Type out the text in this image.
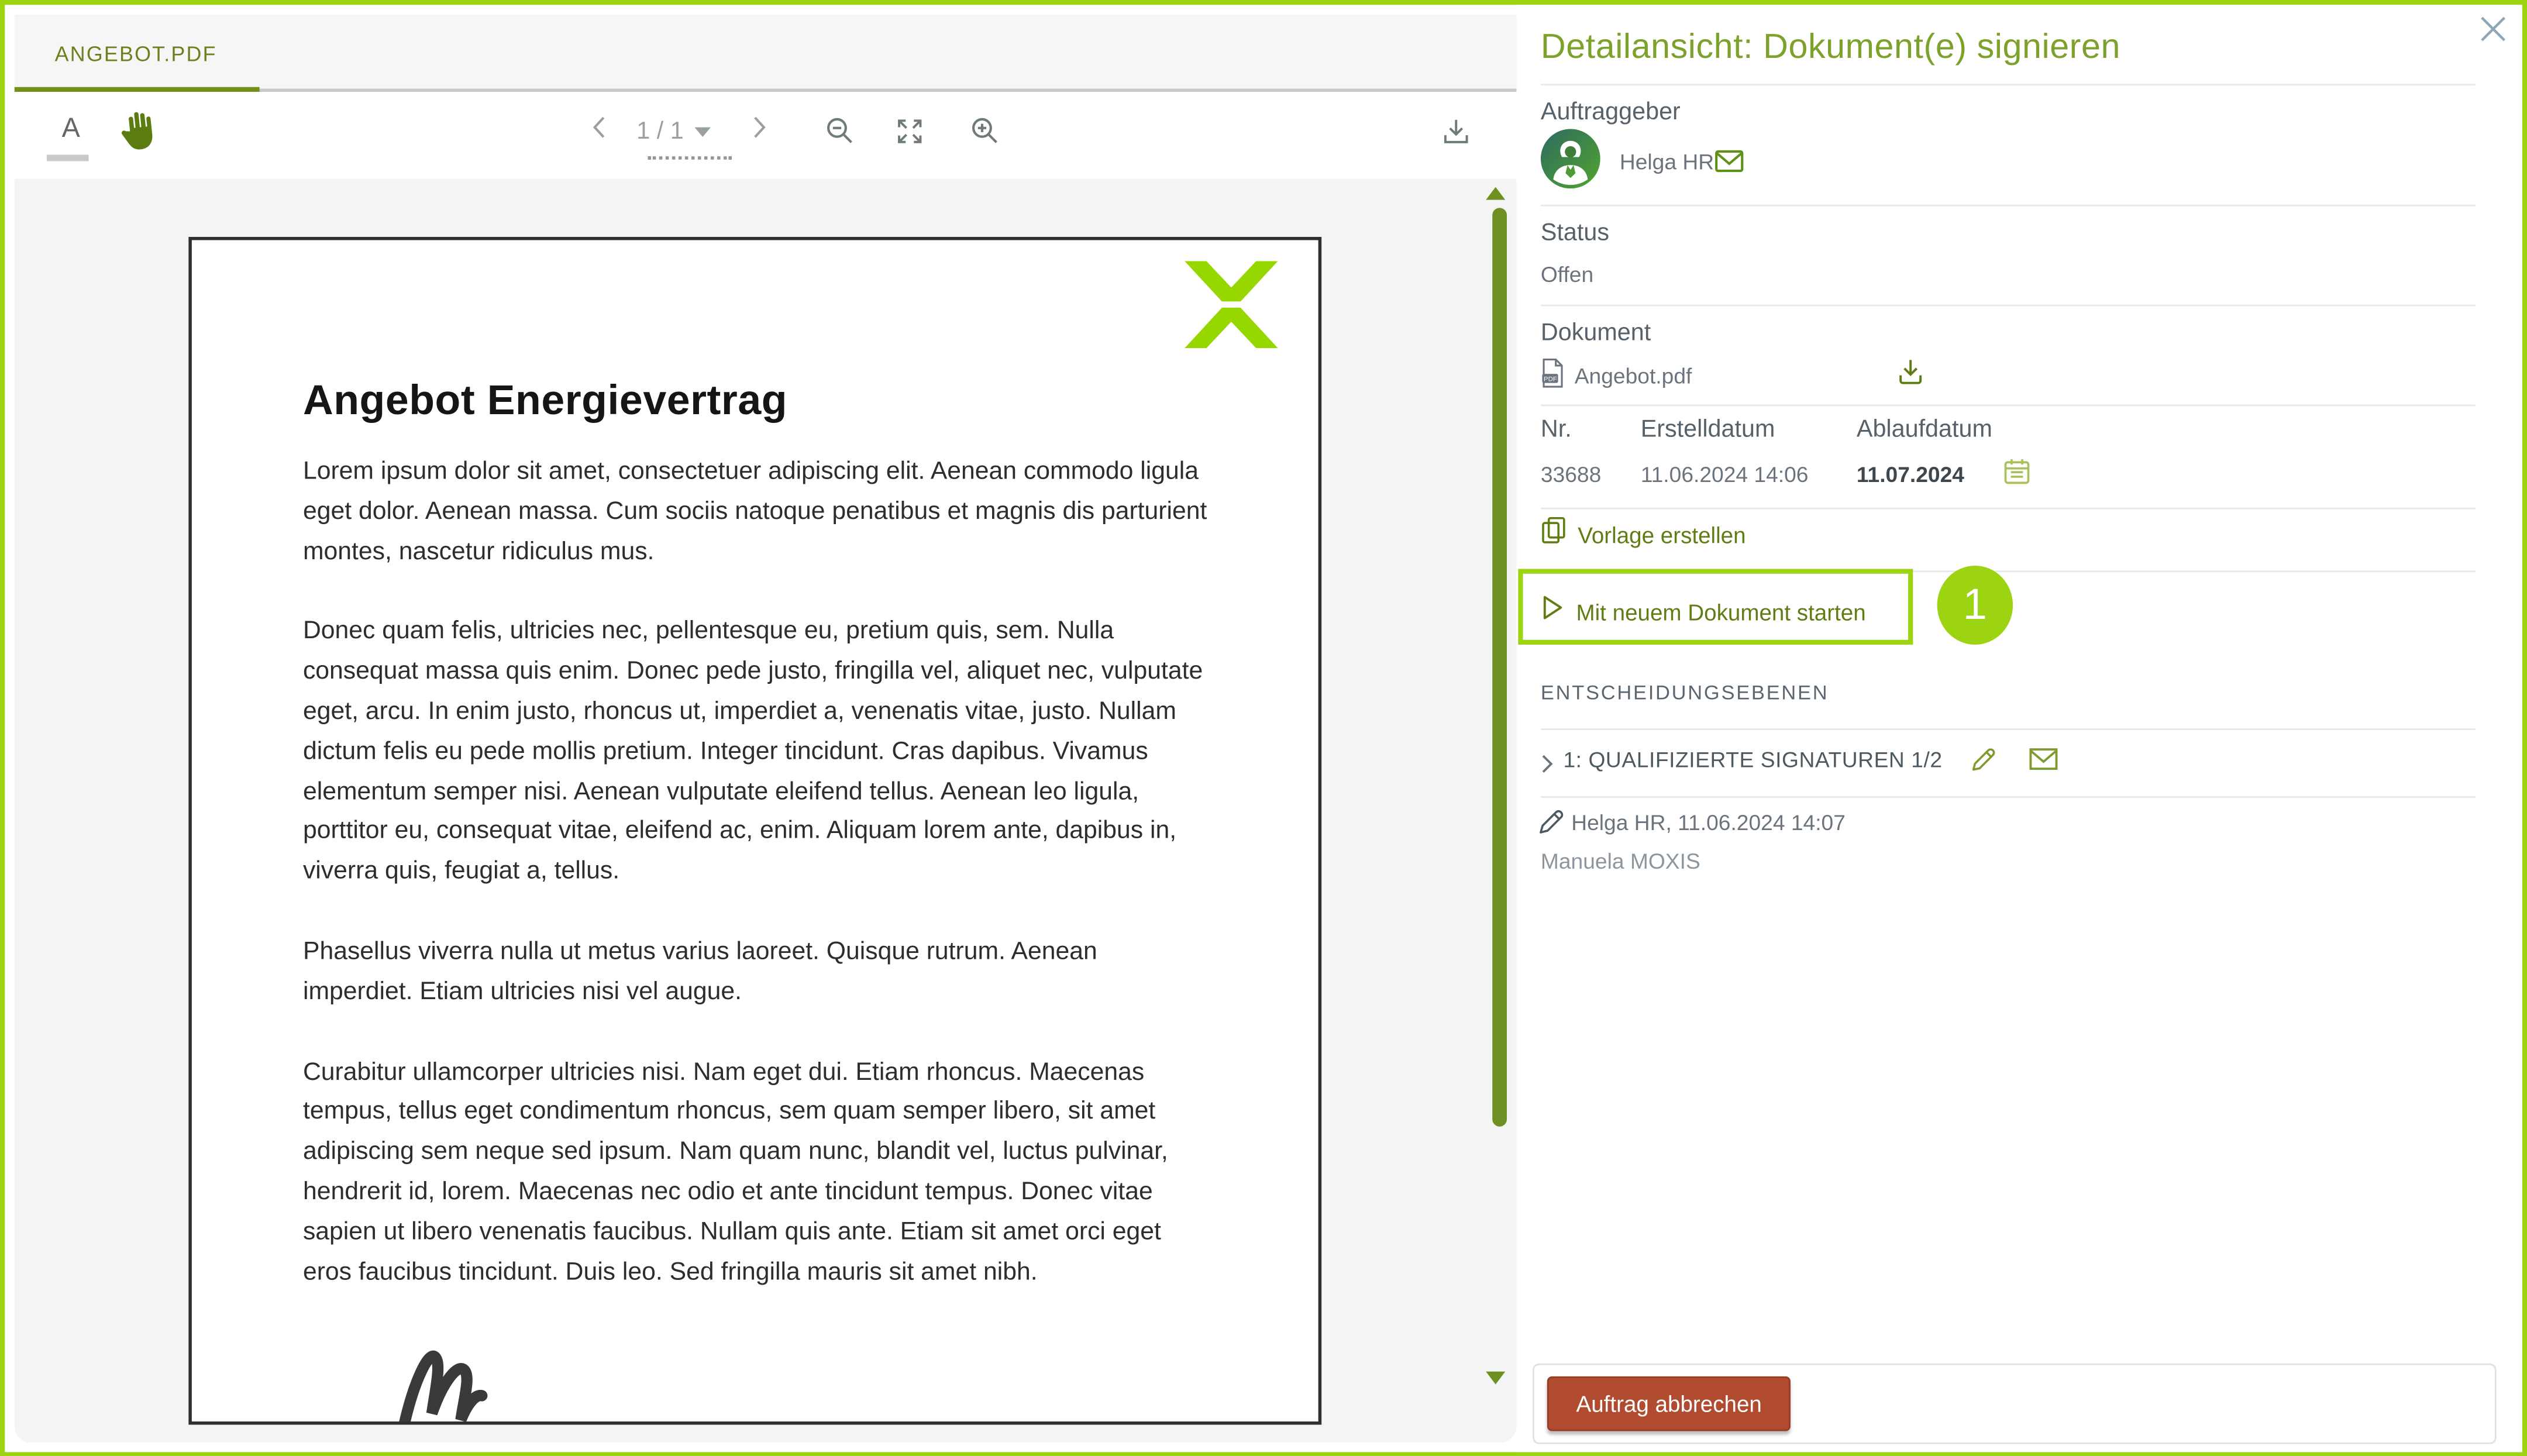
ANGEBOT.PDF
A	1 / 1
Angebot Energievertrag

Lorem ipsum dolor sit amet, consectetuer adipiscing elit. Aenean commodo ligula eget dolor. Aenean massa. Cum sociis natoque penatibus et magnis dis parturient montes, nascetur ridiculus mus.

Donec quam felis, ultricies nec, pellentesque eu, pretium quis, sem. Nulla consequat massa quis enim. Donec pede justo, fringilla vel, aliquet nec, vulputate eget, arcu. In enim justo, rhoncus ut, imperdiet a, venenatis vitae, justo. Nullam dictum felis eu pede mollis pretium. Integer tincidunt. Cras dapibus. Vivamus elementum semper nisi. Aenean vulputate eleifend tellus. Aenean leo ligula, porttitor eu, consequat vitae, eleifend ac, enim. Aliquam lorem ante, dapibus in, viverra quis, feugiat a, tellus.

Phasellus viverra nulla ut metus varius laoreet. Quisque rutrum. Aenean imperdiet. Etiam ultricies nisi vel augue.

Curabitur ullamcorper ultricies nisi. Nam eget dui. Etiam rhoncus. Maecenas tempus, tellus eget condimentum rhoncus, sem quam semper libero, sit amet adipiscing sem neque sed ipsum. Nam quam nunc, blandit vel, luctus pulvinar, hendrerit id, lorem. Maecenas nec odio et ante tincidunt tempus. Donec vitae sapien ut libero venenatis faucibus. Nullam quis ante. Etiam sit amet orci eget eros faucibus tincidunt. Duis leo. Sed fringilla mauris sit amet nibh.

Detailansicht: Dokument(e) signieren
Auftraggeber
Helga HR
Status
Offen
Dokument
PDF Angebot.pdf
Nr.	Erstelldatum	Ablaufdatum
33688	11.06.2024 14:06	11.07.2024
Vorlage erstellen
Mit neuem Dokument starten	1
ENTSCHEIDUNGSEBENEN
1: QUALIFIZIERTE SIGNATUREN 1/2
Helga HR, 11.06.2024 14:07
Manuela MOXIS
Auftrag abbrechen
